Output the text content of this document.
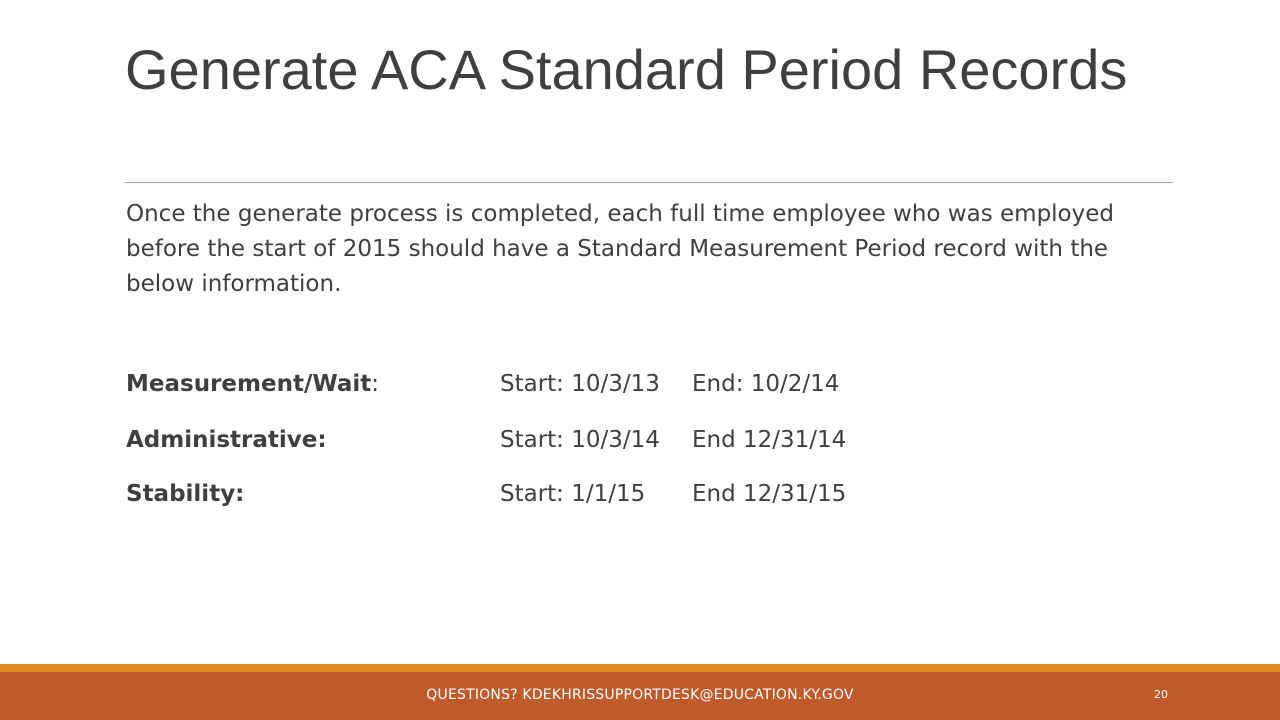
Generate ACA Standard Period Records

Once the generate process is completed, each full time employee who was employed before the start of 2015 should have a Standard Measurement Period record with the below information.

Measurement/Wait:	Start: 10/3/13 End: 10/2/14
Administrative:	Start: 10/3/14 End 12/31/14
Stability:	Start: 1/1/15 End 12/31/15
QUESTIONS? KDEKHRISSUPPORTDESK@EDUCATION.KY.GOV	20
